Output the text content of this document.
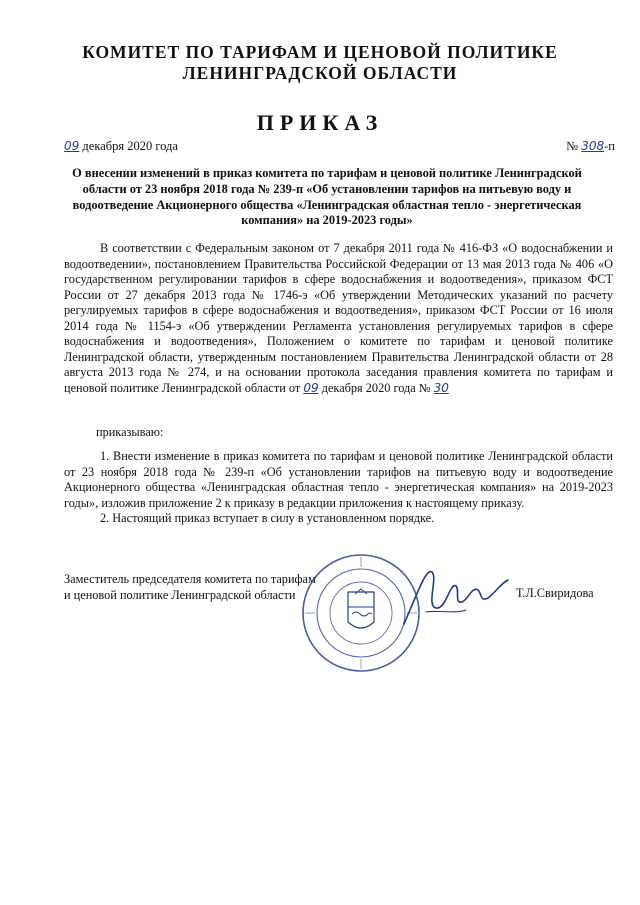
КОМИТЕТ ПО ТАРИФАМ И ЦЕНОВОЙ ПОЛИТИКЕ
ЛЕНИНГРАДСКОЙ ОБЛАСТИ
ПРИКАЗ
09 декабря 2020 года	№ 308-п
О внесении изменений в приказ комитета по тарифам и ценовой политике Ленинградской области от 23 ноября 2018 года № 239-п «Об установлении тарифов на питьевую воду и водоотведение Акционерного общества «Ленинградская областная тепло - энергетическая компания» на 2019-2023 годы»
В соответствии с Федеральным законом от 7 декабря 2011 года № 416-ФЗ «О водоснабжении и водоотведении», постановлением Правительства Российской Федерации от 13 мая 2013 года № 406 «О государственном регулировании тарифов в сфере водоснабжения и водоотведения», приказом ФСТ России от 27 декабря 2013 года № 1746-э «Об утверждении Методических указаний по расчету регулируемых тарифов в сфере водоснабжения и водоотведения», приказом ФСТ России от 16 июля 2014 года № 1154-э «Об утверждении Регламента установления регулируемых тарифов в сфере водоснабжения и водоотведения», Положением о комитете по тарифам и ценовой политике Ленинградской области, утвержденным постановлением Правительства Ленинградской области от 28 августа 2013 года № 274, и на основании протокола заседания правления комитета по тарифам и ценовой политике Ленинградской области от 09 декабря 2020 года № 30
приказываю:
1. Внести изменение в приказ комитета по тарифам и ценовой политике Ленинградской области от 23 ноября 2018 года № 239-п «Об установлении тарифов на питьевую воду и водоотведение Акционерного общества «Ленинградская областная тепло - энергетическая компания» на 2019-2023 годы», изложив приложение 2 к приказу в редакции приложения к настоящему приказу.
2. Настоящий приказ вступает в силу в установленном порядке.
Заместитель председателя комитета по тарифам
и ценовой политике Ленинградской области	Т.Л.Свиридова
